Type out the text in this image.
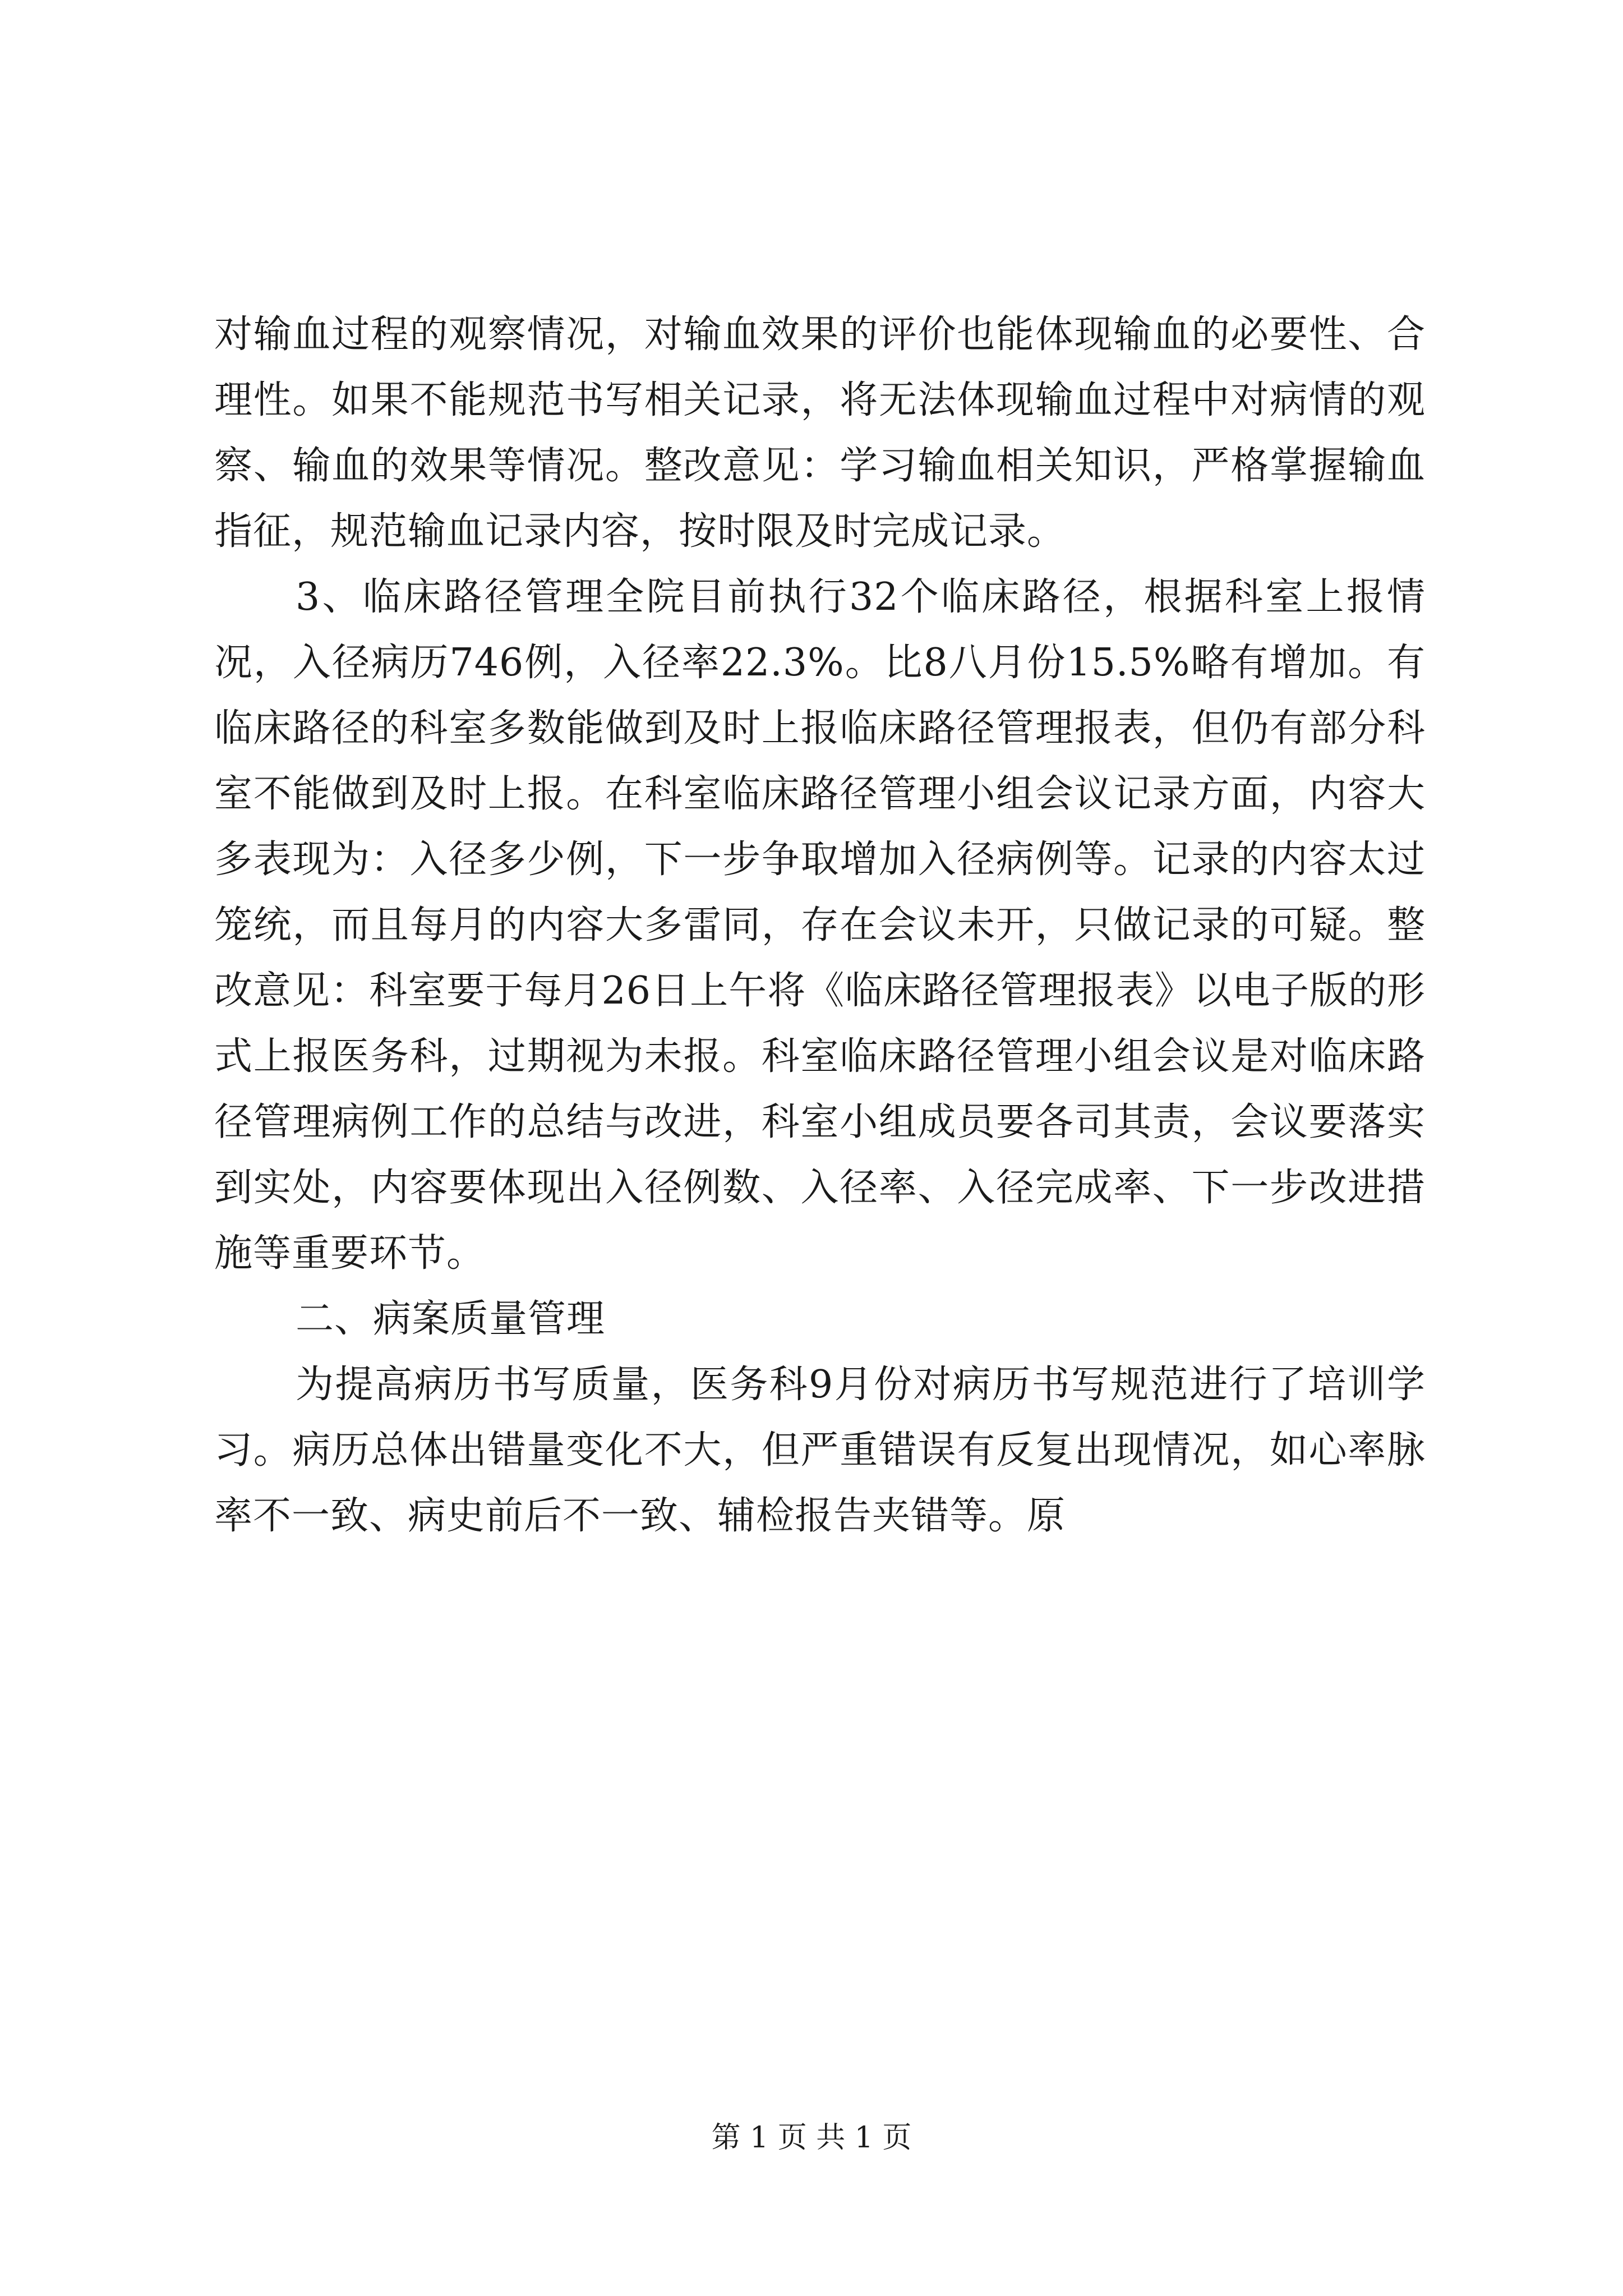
对输血过程的观察情况，对输血效果的评价也能体现输血的必要性、合理性。如果不能规范书写相关记录，将无法体现输血过程中对病情的观察、输血的效果等情况。整改意见：学习输血相关知识，严格掌握输血指征，规范输血记录内容，按时限及时完成记录。

3、临床路径管理全院目前执行32个临床路径，根据科室上报情况，入径病历746例，入径率22.3%。比8八月份15.5%略有增加。有临床路径的科室多数能做到及时上报临床路径管理报表，但仍有部分科室不能做到及时上报。在科室临床路径管理小组会议记录方面，内容大多表现为：入径多少例，下一步争取增加入径病例等。记录的内容太过笼统，而且每月的内容大多雷同，存在会议未开，只做记录的可疑。整改意见：科室要于每月26日上午将《临床路径管理报表》以电子版的形式上报医务科，过期视为未报。科室临床路径管理小组会议是对临床路径管理病例工作的总结与改进，科室小组成员要各司其责，会议要落实到实处，内容要体现出入径例数、入径率、入径完成率、下一步改进措施等重要环节。

二、病案质量管理

为提高病历书写质量，医务科9月份对病历书写规范进行了培训学习。病历总体出错量变化不大，但严重错误有反复出现情况，如心率脉率不一致、病史前后不一致、辅检报告夹错等。原

第 1 页 共 1 页
